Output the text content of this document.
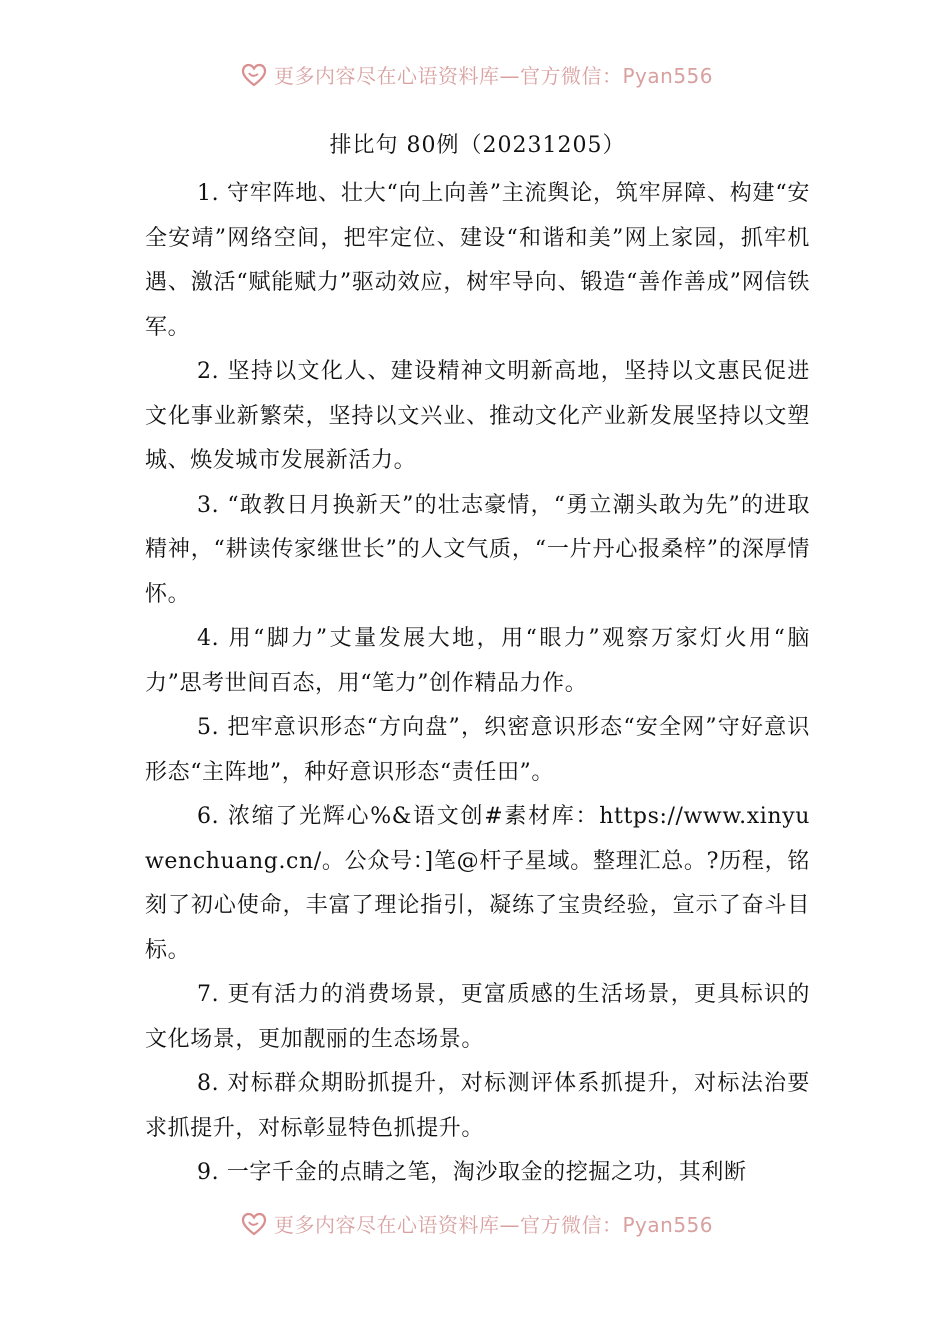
更多内容尽在心语资料库—官方微信：Pyan556
排比句 80例（20231205）

1. 守牢阵地、壮大“向上向善”主流舆论，筑牢屏障、构建“安全安靖”网络空间，把牢定位、建设“和谐和美”网上家园，抓牢机遇、激活“赋能赋力”驱动效应，树牢导向、锻造“善作善成”网信铁军。

2. 坚持以文化人、建设精神文明新高地，坚持以文惠民促进文化事业新繁荣，坚持以文兴业、推动文化产业新发展坚持以文塑城、焕发城市发展新活力。

3. “敢教日月换新天”的壮志豪情，“勇立潮头敢为先”的进取精神，“耕读传家继世长”的人文气质，“一片丹心报桑梓”的深厚情怀。

4. 用“脚力”丈量发展大地，用“眼力”观察万家灯火用“脑力”思考世间百态，用“笔力”创作精品力作。

5. 把牢意识形态“方向盘”，织密意识形态“安全网”守好意识形态“主阵地”，种好意识形态“责任田”。

6. 浓缩了光辉心%&语文创#素材库：https://www.xinyuwenchuang.cn/。公众号：]笔@杆子星域。整理汇总。?历程，铭刻了初心使命，丰富了理论指引，凝练了宝贵经验，宣示了奋斗目标。

7. 更有活力的消费场景，更富质感的生活场景，更具标识的文化场景，更加靓丽的生态场景。

8. 对标群众期盼抓提升，对标测评体系抓提升，对标法治要求抓提升，对标彰显特色抓提升。

9. 一字千金的点睛之笔，淘沙取金的挖掘之功，其利断

更多内容尽在心语资料库—官方微信：Pyan556
